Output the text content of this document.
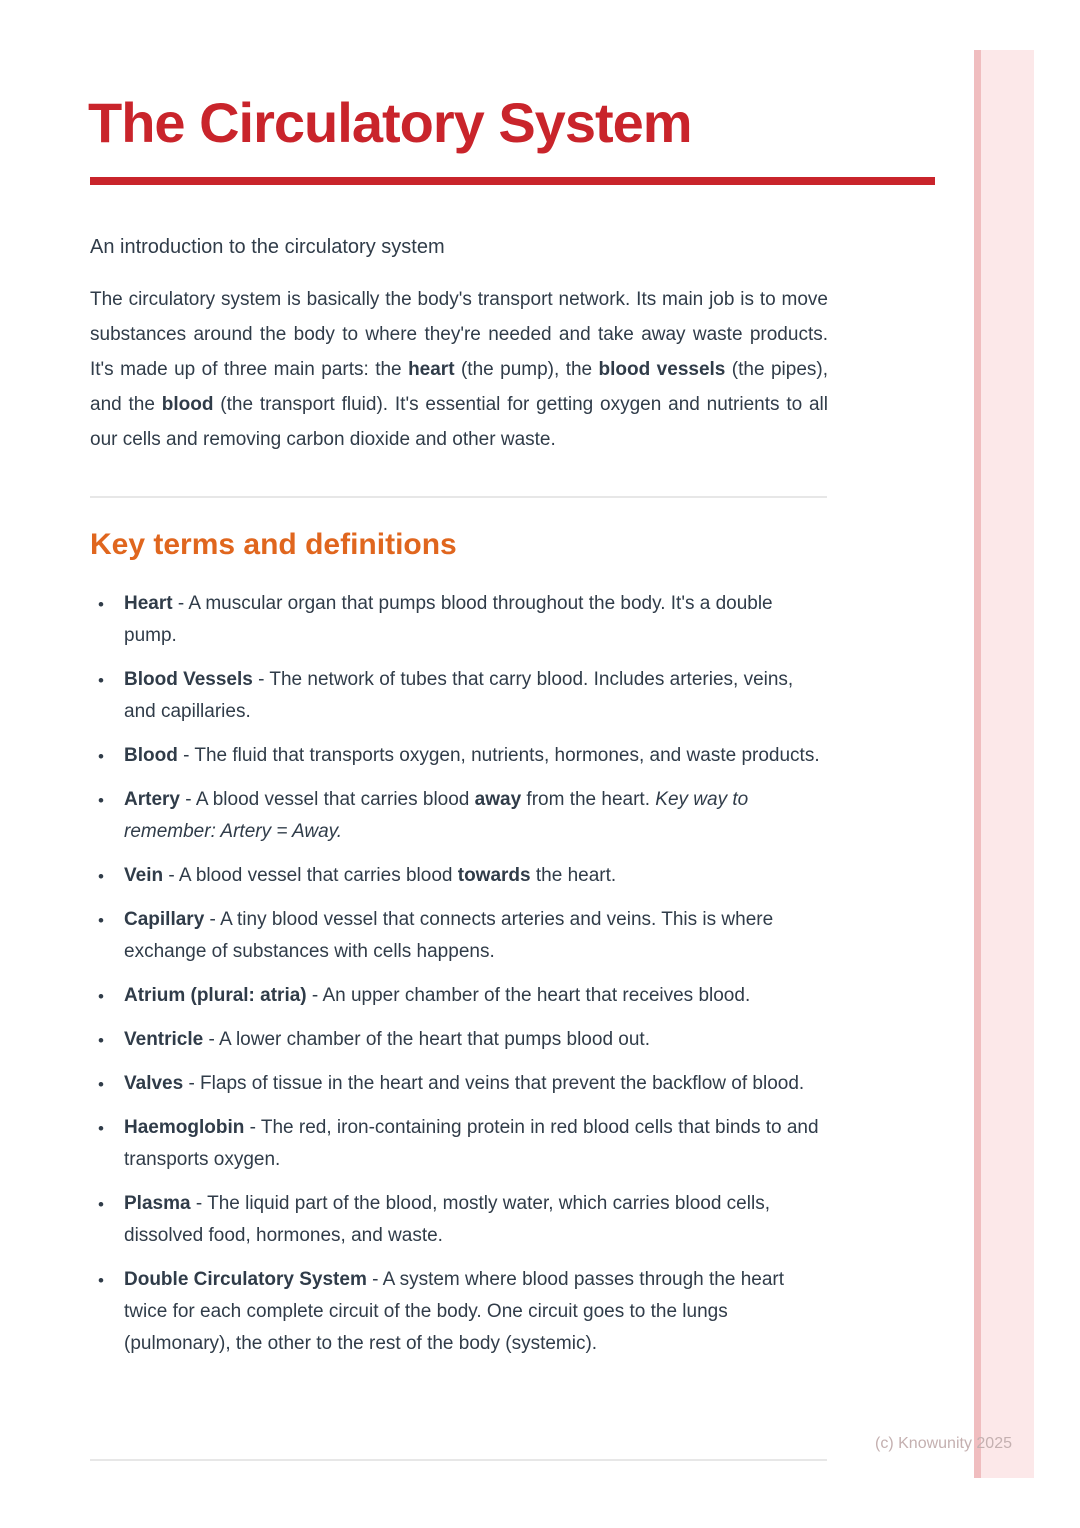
The Circulatory System

An introduction to the circulatory system

The circulatory system is basically the body's transport network. Its main job is to move substances around the body to where they're needed and take away waste products. It's made up of three main parts: the heart (the pump), the blood vessels (the pipes), and the blood (the transport fluid). It's essential for getting oxygen and nutrients to all our cells and removing carbon dioxide and other waste.

Key terms and definitions
• Heart - A muscular organ that pumps blood throughout the body. It's a double pump.
• Blood Vessels - The network of tubes that carry blood. Includes arteries, veins, and capillaries.
• Blood - The fluid that transports oxygen, nutrients, hormones, and waste products.
• Artery - A blood vessel that carries blood away from the heart. Key way to remember: Artery = Away.
• Vein - A blood vessel that carries blood towards the heart.
• Capillary - A tiny blood vessel that connects arteries and veins. This is where exchange of substances with cells happens.
• Atrium (plural: atria) - An upper chamber of the heart that receives blood.
• Ventricle - A lower chamber of the heart that pumps blood out.
• Valves - Flaps of tissue in the heart and veins that prevent the backflow of blood.
• Haemoglobin - The red, iron-containing protein in red blood cells that binds to and transports oxygen.
• Plasma - The liquid part of the blood, mostly water, which carries blood cells, dissolved food, hormones, and waste.
• Double Circulatory System - A system where blood passes through the heart twice for each complete circuit of the body. One circuit goes to the lungs (pulmonary), the other to the rest of the body (systemic).
(c) Knowunity 2025
